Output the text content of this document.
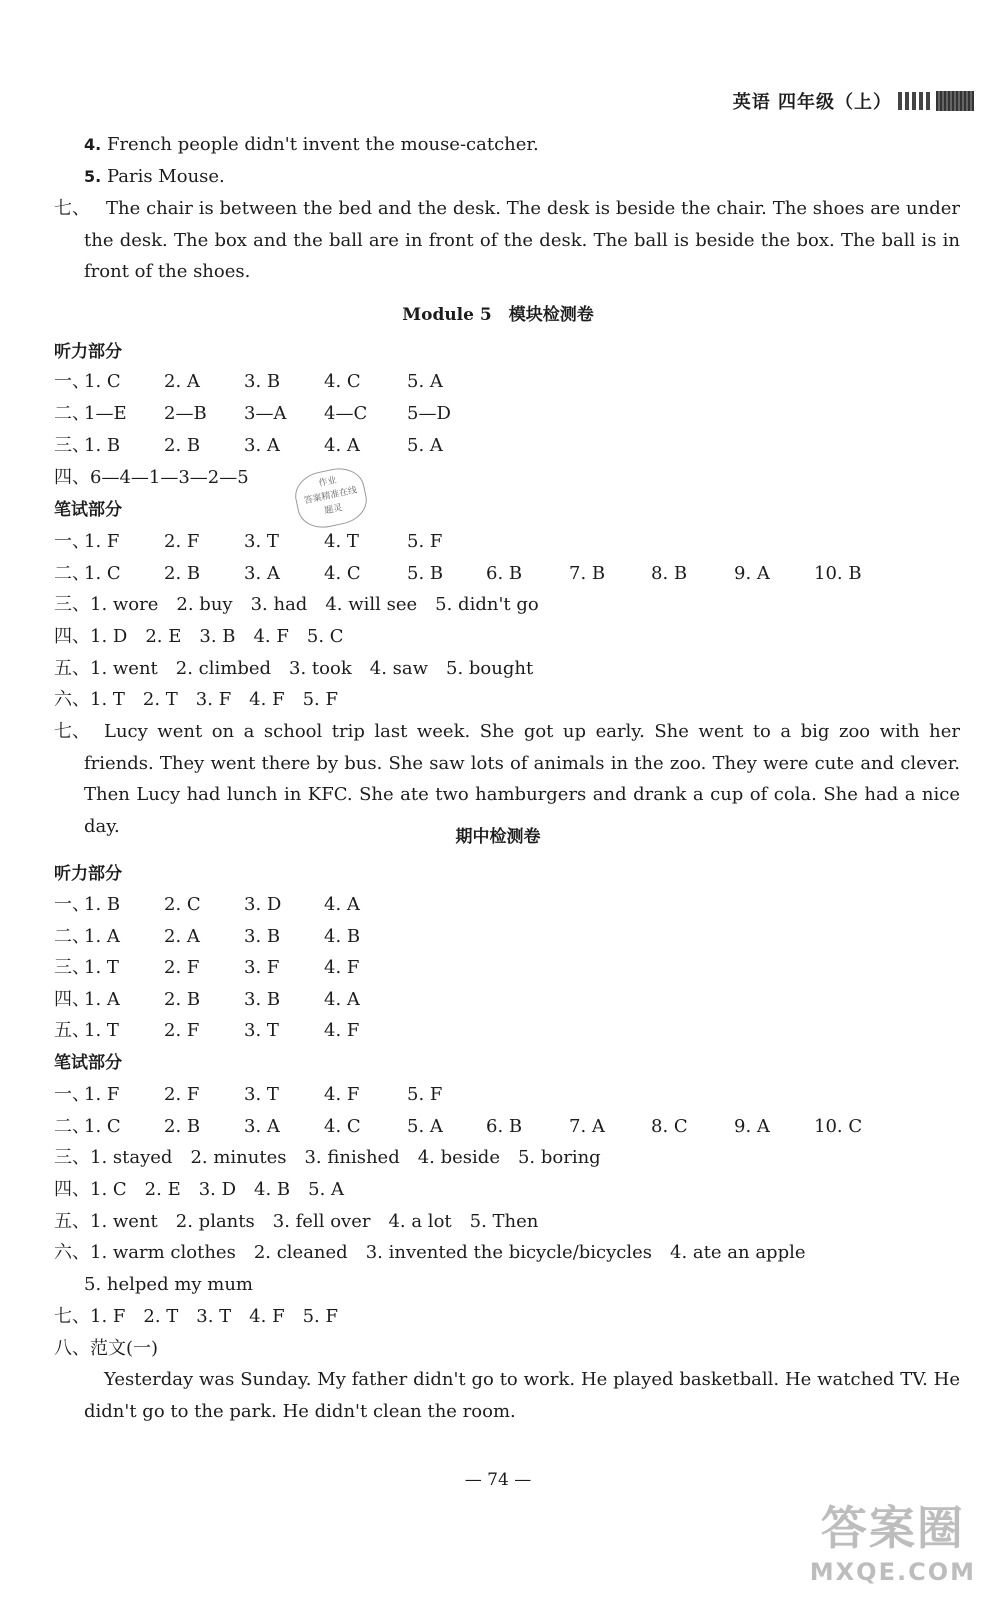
英语 四年级（上）
4. French people didn't invent the mouse-catcher.
5. Paris Mouse.
七、 The chair is between the bed and the desk. The desk is beside the chair. The shoes are under the desk. The box and the ball are in front of the desk. The ball is beside the box. The ball is in front of the shoes.
Module 5　模块检测卷
听力部分
一、
1. C 2. A 3. B 4. C	5. A
二、
1—E 2—B 3—A 4—C 5—D
三、
1. B 2. B 3. A 4. A	5. A
四、6—4—1—3—2—5	作业
答案精准在线
题灵
笔试部分
一、
1. F 2. F 3. T	4. T	5. F
二、
1. C 2. B 3. A 4. C	5. B 6. B	7. B	8. B	9. A 10. B
三、1. wore　2. buy　3. had　4. will see　5. didn't go
四、1. D　2. E　3. B　4. F　5. C
五、1. went　2. climbed　3. took　4. saw　5. bought
六、1. T　2. T　3. F　4. F　5. F
七、 Lucy went on a school trip last week. She got up early. She went to a big zoo with her friends. They went there by bus. She saw lots of animals in the zoo. They were cute and clever. Then Lucy had lunch in KFC. She ate two hamburgers and drank a cup of cola. She had a nice day.	期中检测卷
听力部分
一、
1. B 2. C 3. D 4. A
二、
1. A 2. A 3. B 4. B
三、
1. T	2. F 3. F 4. F
四、
1. A 2. B 3. B 4. A
五、
1. T	2. F 3. T	4. F
笔试部分
一、
1. F 2. F 3. T	4. F	5. F
二、
1. C 2. B 3. A 4. C	5. A 6. B	7. A	8. C	9. A 10. C
三、1. stayed　2. minutes　3. finished　4. beside　5. boring
四、1. C　2. E　3. D　4. B　5. A
五、1. went　2. plants　3. fell over　4. a lot　5. Then
六、1. warm clothes　2. cleaned　3. invented the bicycle/bicycles　4. ate an apple
5. helped my mum
七、1. F　2. T　3. T　4. F　5. F
八、范文(一)
Yesterday was Sunday. My father didn't go to work. He played basketball. He watched TV. He didn't go to the park. He didn't clean the room.
— 74 —
答案圈
MXQE.COM
